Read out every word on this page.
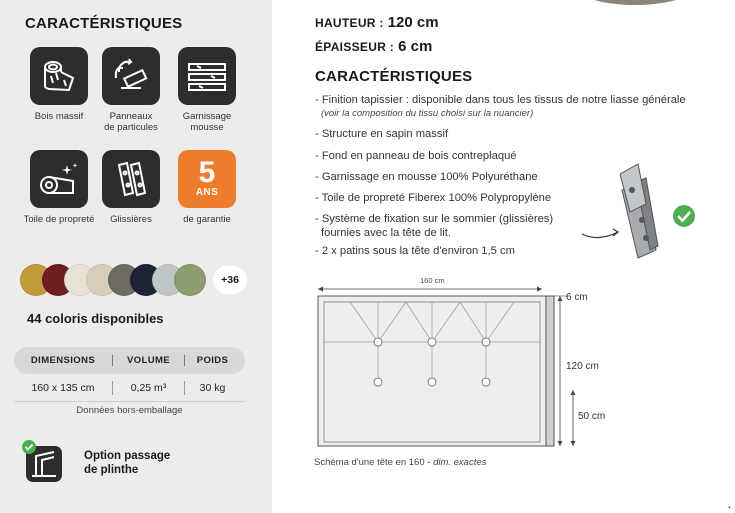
CARACTÉRISTIQUES
Bois massif	Panneaux
de particules
Garnissage
mousse
Toile de propreté	Glissières
5
ANS
de garantie
+36
44 coloris disponibles
DIMENSIONS	VOLUME	POIDS
160 x 135 cm	0,25 m³	30 kg
Données hors-emballage
Option passage
de plinthe
HAUTEUR : 120 cm
ÉPAISSEUR : 6 cm
CARACTÉRISTIQUES
- Finition tapissier : disponible dans tous les tissus de notre liasse générale
(voir la composition du tissu choisi sur la nuancier)
- Structure en sapin massif
- Fond en panneau de bois contreplaqué
- Garnissage en mousse 100% Polyuréthane
- Toile de propreté Fiberex 100% Polypropylène
- Système de fixation sur le sommier (glissières)
fournies avec la tête de lit.
- 2 x patins sous la tête d'environ 1,5 cm
160 cm
6 cm
120 cm
50 cm
Schéma d'une tête en 160 - dim. exactes
.
